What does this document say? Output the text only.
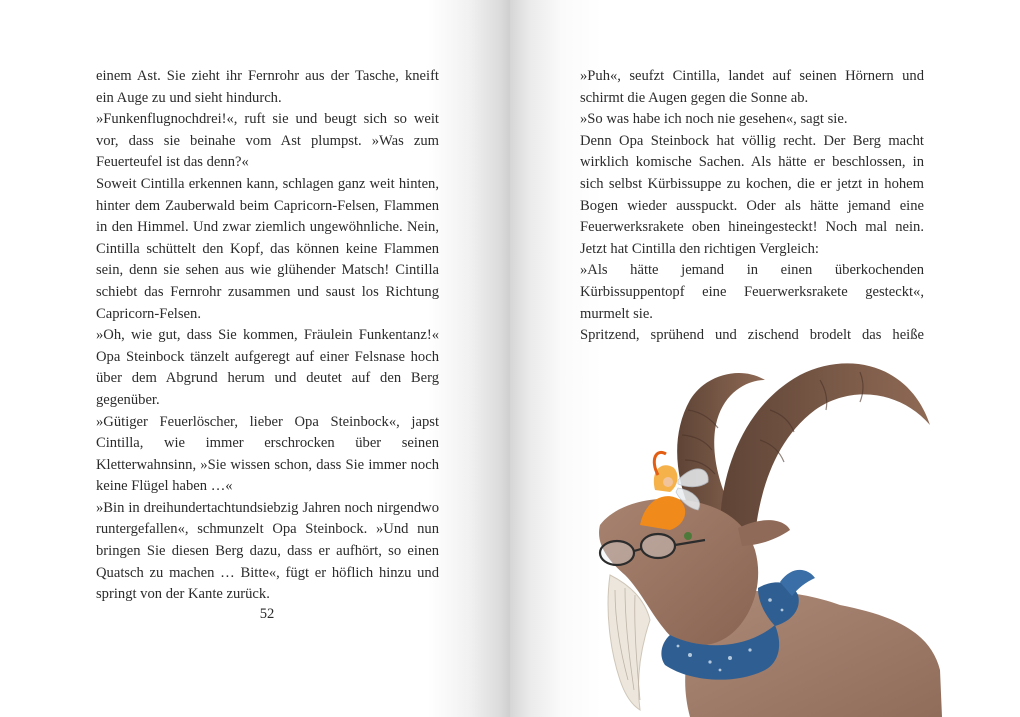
einem Ast. Sie zieht ihr Fernrohr aus der Tasche, kneift ein Auge zu und sieht hindurch.

»Funkenflugnochdrei!«, ruft sie und beugt sich so weit vor, dass sie beinahe vom Ast plumpst. »Was zum Feuerteufel ist das denn?«

Soweit Cintilla erkennen kann, schlagen ganz weit hinten, hinter dem Zauberwald beim Capricorn-Felsen, Flammen in den Himmel. Und zwar ziemlich ungewöhnliche. Nein, Cintilla schüttelt den Kopf, das können keine Flammen sein, denn sie sehen aus wie glühender Matsch! Cintilla schiebt das Fernrohr zusammen und saust los Richtung Capricorn-Felsen.

»Oh, wie gut, dass Sie kommen, Fräulein Funkentanz!« Opa Steinbock tänzelt aufgeregt auf einer Felsnase hoch über dem Abgrund herum und deutet auf den Berg gegenüber.

»Gütiger Feuerlöscher, lieber Opa Steinbock«, japst Cintilla, wie immer erschrocken über seinen Kletterwahnsinn, »Sie wissen schon, dass Sie immer noch keine Flügel haben …«

»Bin in dreihundertachtundsiebzig Jahren noch nirgendwo runtergefallen«, schmunzelt Opa Steinbock. »Und nun bringen Sie diesen Berg dazu, dass er aufhört, so einen Quatsch zu machen … Bitte«, fügt er höflich hinzu und springt von der Kante zurück.

52

»Puh«, seufzt Cintilla, landet auf seinen Hörnern und schirmt die Augen gegen die Sonne ab.

»So was habe ich noch nie gesehen«, sagt sie.

Denn Opa Steinbock hat völlig recht. Der Berg macht wirklich komische Sachen. Als hätte er beschlossen, in sich selbst Kürbissuppe zu kochen, die er jetzt in hohem Bogen wieder ausspuckt. Oder als hätte jemand eine Feuerwerksrakete oben hineingesteckt! Noch mal nein. Jetzt hat Cintilla den richtigen Vergleich:

»Als hätte jemand in einen überkochenden Kürbissuppentopf eine Feuerwerksrakete gesteckt«, murmelt sie.

Spritzend, sprühend und zischend brodelt das heiße
